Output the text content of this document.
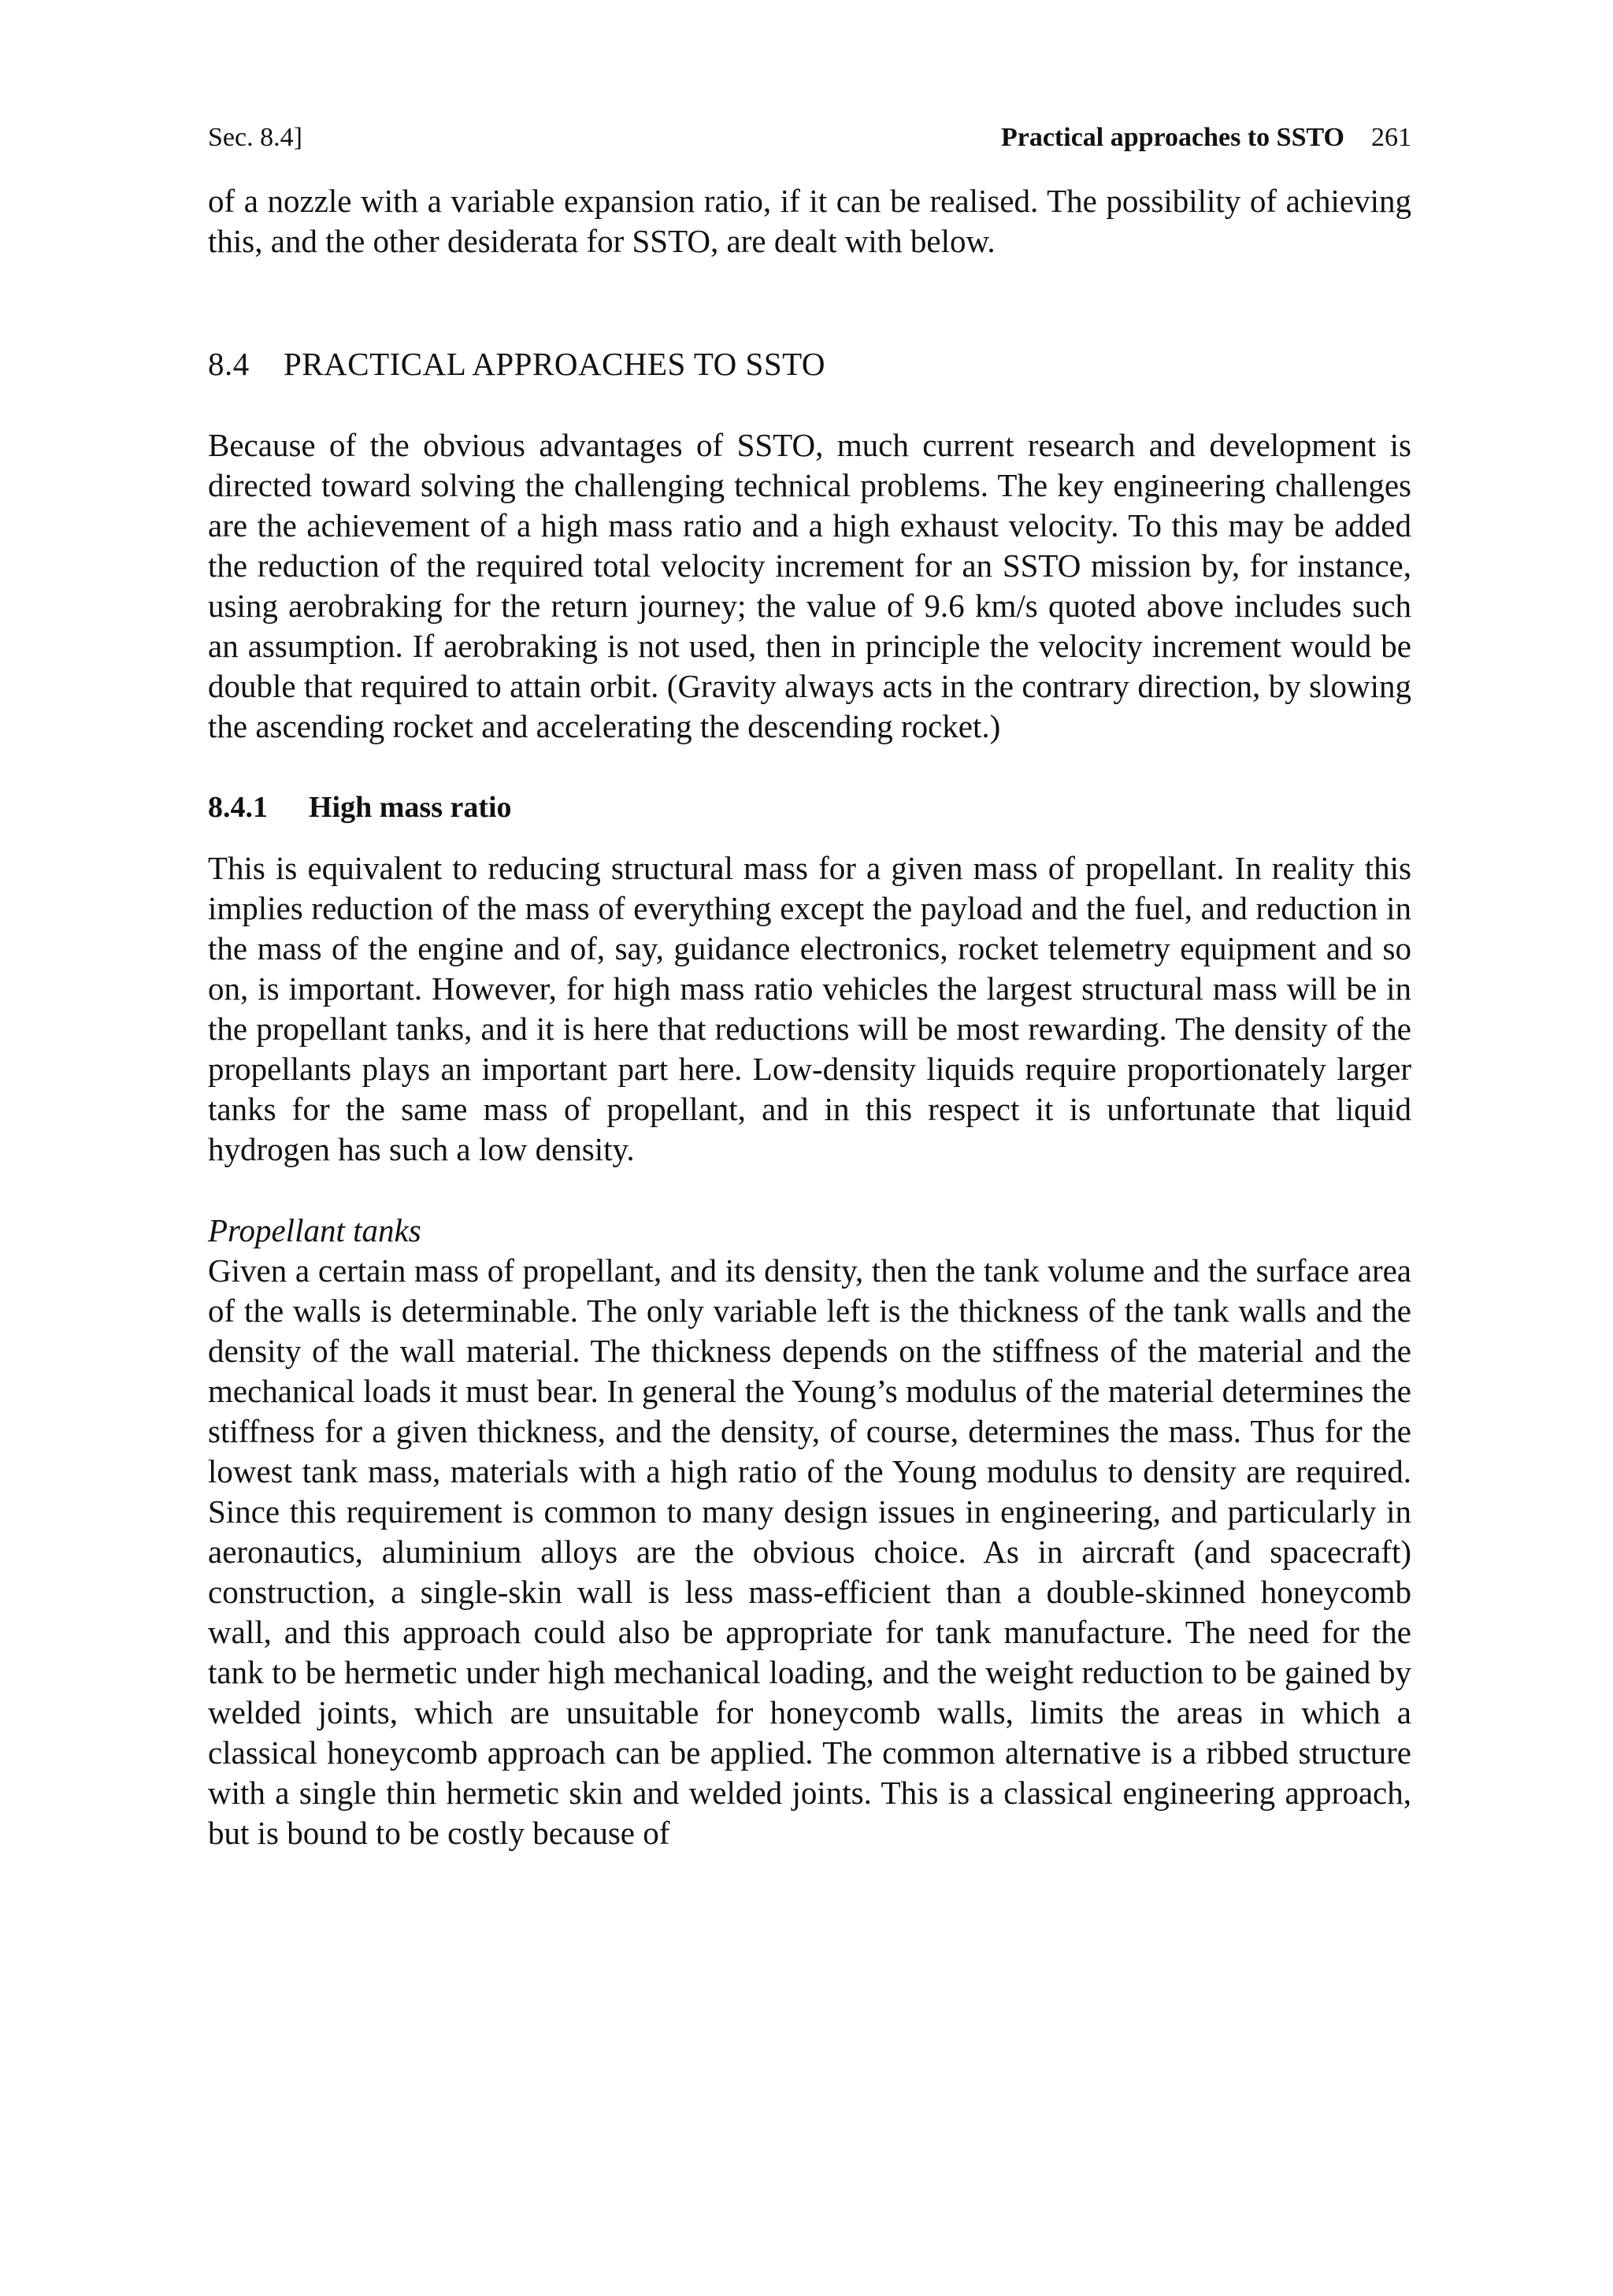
Sec. 8.4]	Practical approaches to SSTO 261

of a nozzle with a variable expansion ratio, if it can be realised. The possibility of achieving this, and the other desiderata for SSTO, are dealt with below.

8.4 PRACTICAL APPROACHES TO SSTO

Because of the obvious advantages of SSTO, much current research and development is directed toward solving the challenging technical problems. The key engineering challenges are the achievement of a high mass ratio and a high exhaust velocity. To this may be added the reduction of the required total velocity increment for an SSTO mission by, for instance, using aerobraking for the return journey; the value of 9.6 km/s quoted above includes such an assumption. If aerobraking is not used, then in principle the velocity increment would be double that required to attain orbit. (Gravity always acts in the contrary direction, by slowing the ascending rocket and accelerating the descending rocket.)

8.4.1 High mass ratio

This is equivalent to reducing structural mass for a given mass of propellant. In reality this implies reduction of the mass of everything except the payload and the fuel, and reduction in the mass of the engine and of, say, guidance electronics, rocket telemetry equipment and so on, is important. However, for high mass ratio vehicles the largest structural mass will be in the propellant tanks, and it is here that reductions will be most rewarding. The density of the propellants plays an important part here. Low-density liquids require proportionately larger tanks for the same mass of propellant, and in this respect it is unfortunate that liquid hydrogen has such a low density.

Propellant tanks

Given a certain mass of propellant, and its density, then the tank volume and the surface area of the walls is determinable. The only variable left is the thickness of the tank walls and the density of the wall material. The thickness depends on the stiffness of the material and the mechanical loads it must bear. In general the Young’s modulus of the material determines the stiffness for a given thickness, and the density, of course, determines the mass. Thus for the lowest tank mass, materials with a high ratio of the Young modulus to density are required. Since this requirement is common to many design issues in engineering, and particularly in aeronautics, aluminium alloys are the obvious choice. As in aircraft (and spacecraft) construction, a single-skin wall is less mass-efficient than a double-skinned honeycomb wall, and this approach could also be appropriate for tank manufacture. The need for the tank to be hermetic under high mechanical loading, and the weight reduction to be gained by welded joints, which are unsuitable for honeycomb walls, limits the areas in which a classical honeycomb approach can be applied. The common alternative is a ribbed structure with a single thin hermetic skin and welded joints. This is a classical engineering approach, but is bound to be costly because of
